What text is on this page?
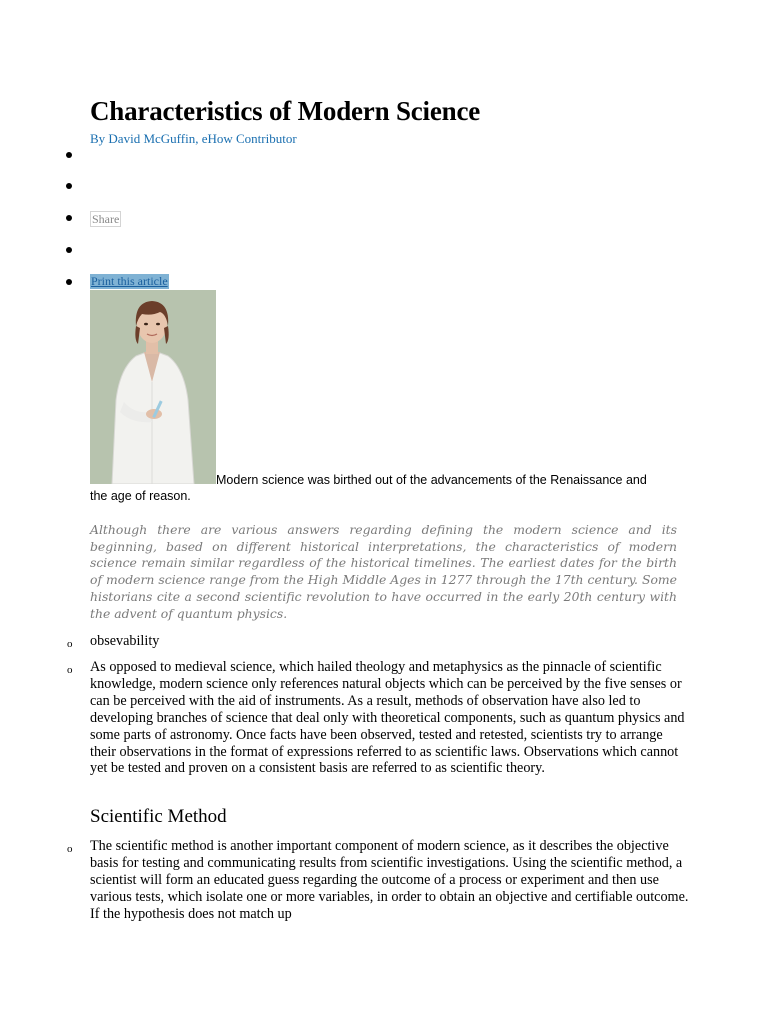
Characteristics of Modern Science
By David McGuffin, eHow Contributor
Share
Print this article
Modern science was birthed out of the advancements of the Renaissance and
the age of reason.

Although there are various answers regarding defining the modern science and its beginning, based on different historical interpretations, the characteristics of modern science remain similar regardless of the historical timelines. The earliest dates for the birth of modern science range from the High Middle Ages in 1277 through the 17th century. Some historians cite a second scientific revolution to have occurred in the early 20th century with the advent of quantum physics.

o obsevability
o As opposed to medieval science, which hailed theology and metaphysics as the pinnacle of scientific knowledge, modern science only references natural objects which can be perceived by the five senses or can be perceived with the aid of instruments. As a result, methods of observation have also led to developing branches of science that deal only with theoretical components, such as quantum physics and some parts of astronomy. Once facts have been observed, tested and retested, scientists try to arrange their observations in the format of expressions referred to as scientific laws. Observations which cannot yet be tested and proven on a consistent basis are referred to as scientific theory.
Scientific Method
o The scientific method is another important component of modern science, as it describes the objective basis for testing and communicating results from scientific investigations. Using the scientific method, a scientist will form an educated guess regarding the outcome of a process or experiment and then use various tests, which isolate one or more variables, in order to obtain an objective and certifiable outcome. If the hypothesis does not match up
